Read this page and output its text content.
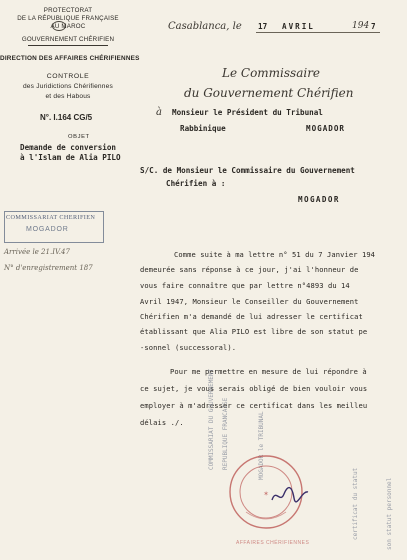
PROTECTORAT
DE LA RÉPUBLIQUE FRANÇAISE
AU MAROC
GOUVERNEMENT CHÉRIFIEN
DIRECTION DES AFFAIRES CHÉRIFIENNES
CONTROLE
des Juridictions Chérifiennes
et des Habous
N°. I.164 CG/5
OBJET
Demande de conversion
à l'Islam de Alia PILO
Casablanca, le 17 AVRIL	194 7
Le Commissaire
du Gouvernement Chérifien
à Monsieur le Président du Tribunal
Rabbinique	MOGADOR
S/C. de Monsieur le Commissaire du Gouvernement
Chérifien à :
MOGADOR
COMMISSARIAT CHERIFIEN
MOGADOR
Arrivée le 21.IV.47
N° d'enregistrement 187
Comme suite à ma lettre n° 51 du 7 Janvier 194
demeurée sans réponse à ce jour, j'ai l'honneur de
vous faire connaître que par lettre n°4893 du 14
Avril 1947, Monsieur le Conseiller du Gouvernement
Chérifien m'a demandé de lui adresser le certificat
établissant que Alia PILO est libre de son statut pe
-sonnel (successoral).
Pour me permettre en mesure de lui répondre à
ce sujet, je vous serais obligé de bien vouloir vous
employer à m'adresser ce certificat dans les meilleu
délais ./.	COMMISSARIAT DU GOUVERNEMENT REPUBLIQUE FRANCAISE	MOGADOR le TRIBUNAL
certificat du statut	son statut personnel
✶
AFFAIRES CHÉRIFIENNES
